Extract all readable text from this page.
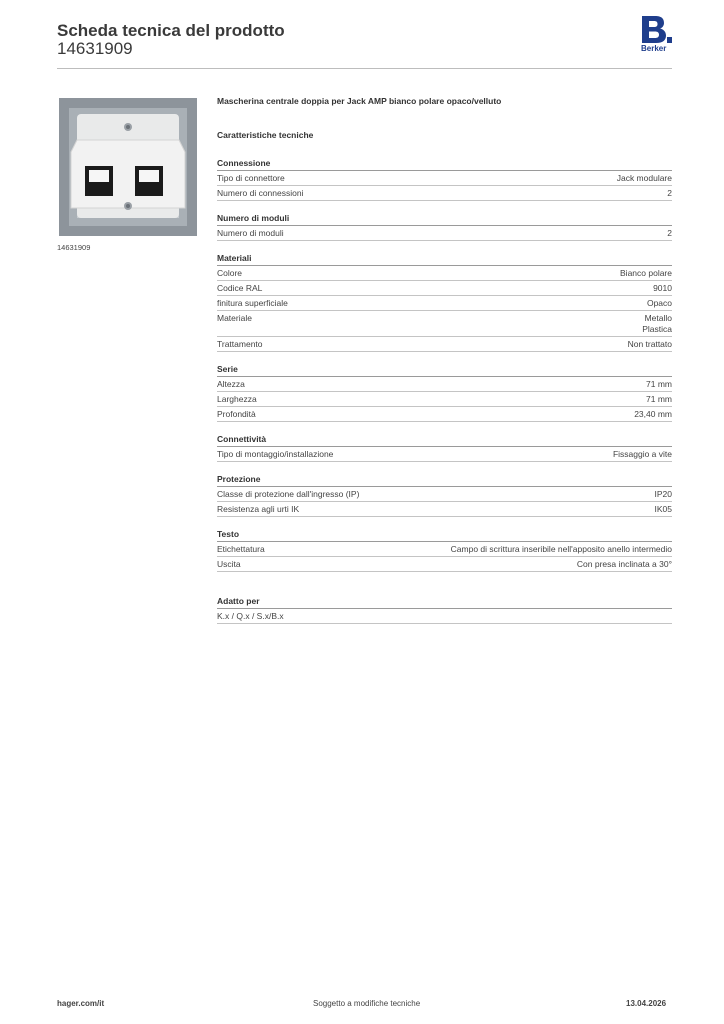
Scheda tecnica del prodotto
14631909	Berker
14631909
Mascherina centrale doppia per Jack AMP bianco polare opaco/velluto
Caratteristiche tecniche
Connessione
Tipo di connettore	Jack modulare
Numero di connessioni	2
Numero di moduli
Numero di moduli	2
Materiali
Colore	Bianco polare
Codice RAL	9010
finitura superficiale	Opaco
Materiale	Metallo
Plastica
Trattamento	Non trattato
Serie
Altezza	71 mm
Larghezza	71 mm
Profondità	23,40 mm
Connettività
Tipo di montaggio/installazione	Fissaggio a vite
Protezione
Classe di protezione dall'ingresso (IP)	IP20
Resistenza agli urti IK	IK05
Testo
Etichettatura	Campo di scrittura inseribile nell'apposito anello intermedio
Uscita	Con presa inclinata a 30°
Adatto per
K.x / Q.x / S.x/B.x
hager.com/it	Soggetto a modifiche tecniche	13.04.2026
